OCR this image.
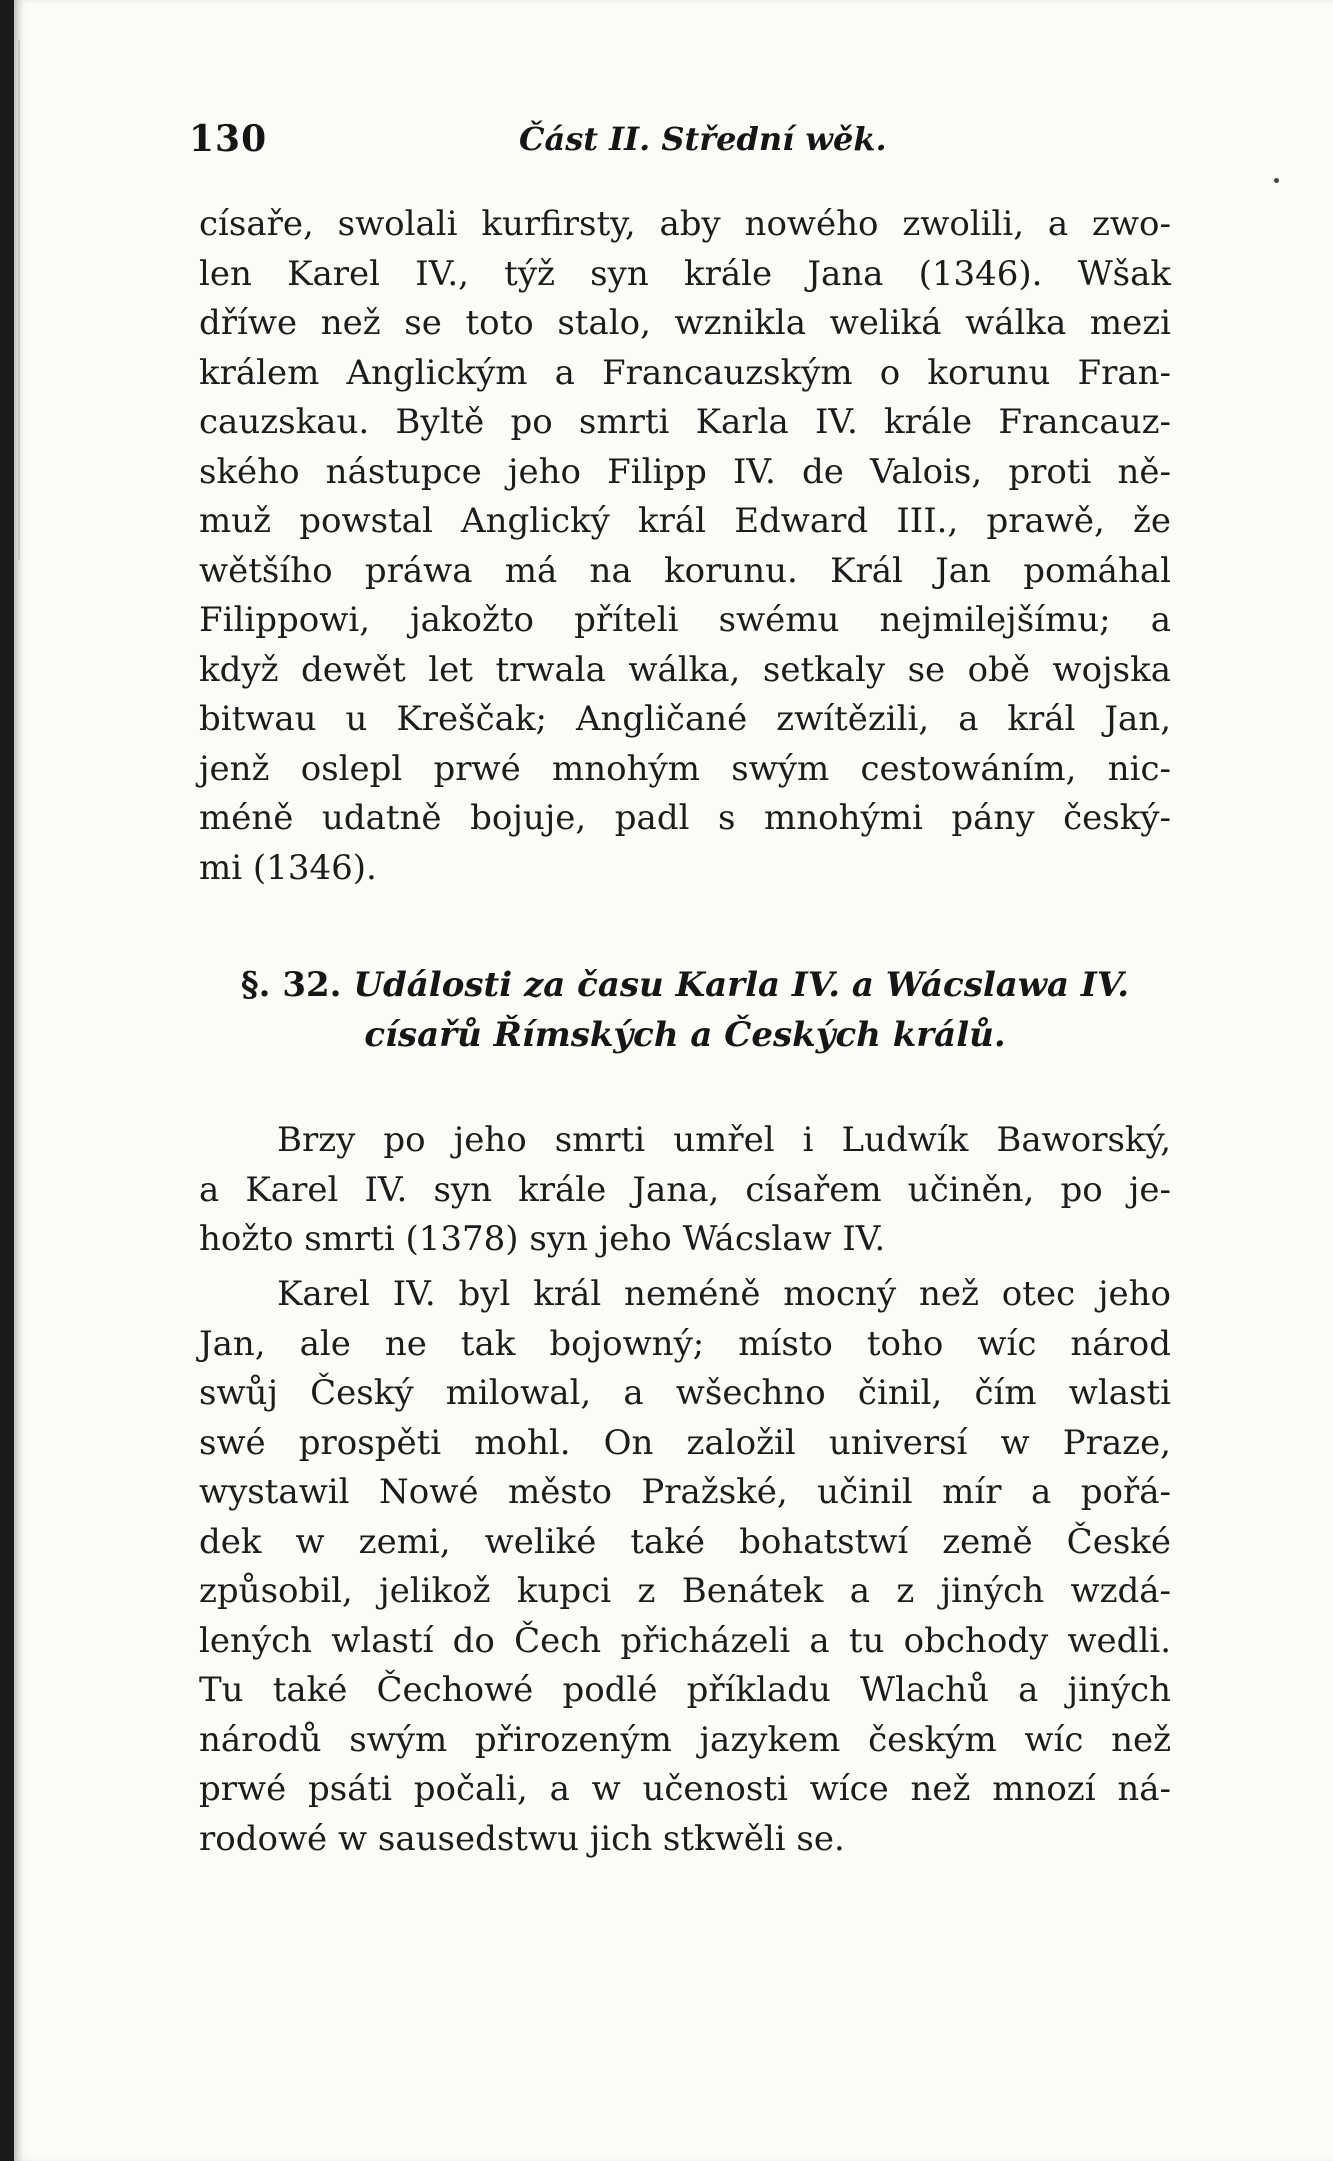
130	Část II. Střední wěk.
císaře, swolali kurfirsty, aby nowého zwolili, a zwo-
len Karel IV., týž syn krále Jana (1346). Wšak
dříwe než se toto stalo, wznikla weliká wálka mezi
králem Anglickým a Francauzským o korunu Fran-
cauzskau. Byltě po smrti Karla IV. krále Francauz-
ského nástupce jeho Filipp IV. de Valois, proti ně-
muž powstal Anglický král Edward III., prawě, že
wětšího práwa má na korunu. Král Jan pomáhal
Filippowi, jakožto příteli swému nejmilejšímu; a
když dewět let trwala wálka, setkaly se obě wojska
bitwau u Kreščak; Angličané zwítězili, a král Jan,
jenž oslepl prwé mnohým swým cestowáním, nic-
méně udatně bojuje, padl s mnohými pány český-
mi (1346).
§. 32. Události za času Karla IV. a Wácslawa IV.
císařů Římských a Českých králů.
Brzy po jeho smrti umřel i Ludwík Baworský,
a Karel IV. syn krále Jana, císařem učiněn, po je-
hožto smrti (1378) syn jeho Wácslaw IV.
Karel IV. byl král neméně mocný než otec jeho
Jan, ale ne tak bojowný; místo toho wíc národ
swůj Český milowal, a wšechno činil, čím wlasti
swé prospěti mohl. On založil universí w Praze,
wystawil Nowé město Pražské, učinil mír a pořá-
dek w zemi, weliké také bohatstwí země České
způsobil, jelikož kupci z Benátek a z jiných wzdá-
lených wlastí do Čech přicházeli a tu obchody wedli.
Tu také Čechowé podlé příkladu Wlachů a jiných
národů swým přirozeným jazykem českým wíc než
prwé psáti počali, a w učenosti wíce než mnozí ná-
rodowé w sausedstwu jich stkwěli se.
